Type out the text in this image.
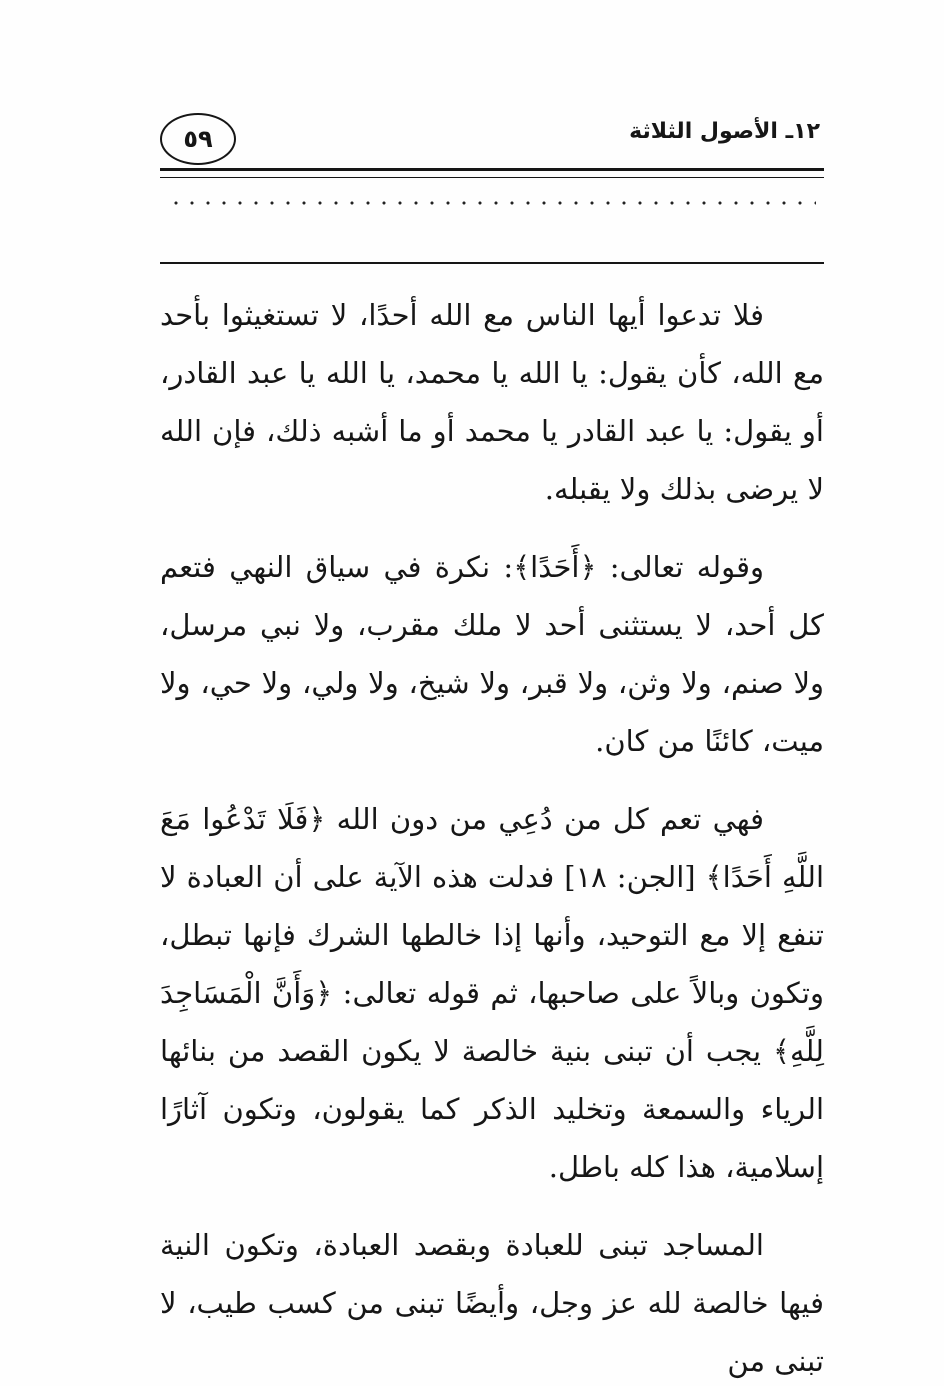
١٢ـ الأصول الثلاثة
٥٩

فلا تدعوا أيها الناس مع الله أحدًا، لا تستغيثوا بأحد مع الله، كأن يقول: يا الله يا محمد، يا الله يا عبد القادر، أو يقول: يا عبد القادر يا محمد أو ما أشبه ذلك، فإن الله لا يرضى بذلك ولا يقبله.

وقوله تعالى: ﴿أَحَدًا﴾: نكرة في سياق النهي فتعم كل أحد، لا يستثنى أحد لا ملك مقرب، ولا نبي مرسل، ولا صنم، ولا وثن، ولا قبر، ولا شيخ، ولا ولي، ولا حي، ولا ميت، كائنًا من كان.

فهي تعم كل من دُعِي من دون الله ﴿فَلَا تَدْعُوا مَعَ اللَّهِ أَحَدًا﴾ [الجن: ١٨] فدلت هذه الآية على أن العبادة لا تنفع إلا مع التوحيد، وأنها إذا خالطها الشرك فإنها تبطل، وتكون وبالاً على صاحبها، ثم قوله تعالى: ﴿وَأَنَّ الْمَسَاجِدَ لِلَّهِ﴾ يجب أن تبنى بنية خالصة لا يكون القصد من بنائها الرياء والسمعة وتخليد الذكر كما يقولون، وتكون آثارًا إسلامية، هذا كله باطل.

المساجد تبنى للعبادة وبقصد العبادة، وتكون النية فيها خالصة لله عز وجل، وأيضًا تبنى من كسب طيب، لا تبنى من
